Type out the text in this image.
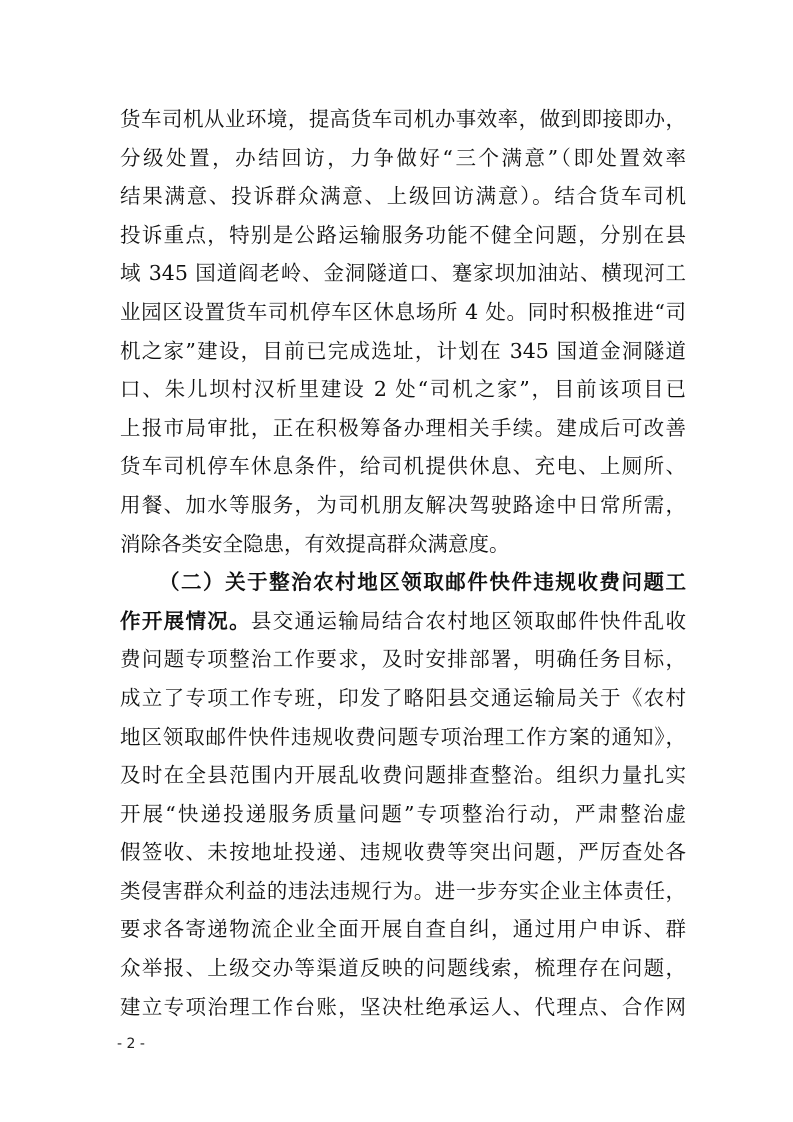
货车司机从业环境，提高货车司机办事效率，做到即接即办，
分级处置，办结回访，力争做好“三个满意”（即处置效率
结果满意、投诉群众满意、上级回访满意）。结合货车司机
投诉重点，特别是公路运输服务功能不健全问题，分别在县
域 345 国道阎老岭、金洞隧道口、蹇家坝加油站、横现河工
业园区设置货车司机停车区休息场所 4 处。同时积极推进“司
机之家”建设，目前已完成选址，计划在 345 国道金洞隧道
口、朱儿坝村汉析里建设 2 处“司机之家”，目前该项目已
上报市局审批，正在积极筹备办理相关手续。建成后可改善
货车司机停车休息条件，给司机提供休息、充电、上厕所、
用餐、加水等服务，为司机朋友解决驾驶路途中日常所需，
消除各类安全隐患，有效提高群众满意度。
（二）关于整治农村地区领取邮件快件违规收费问题工
作开展情况。县交通运输局结合农村地区领取邮件快件乱收
费问题专项整治工作要求，及时安排部署，明确任务目标，
成立了专项工作专班，印发了略阳县交通运输局关于《农村
地区领取邮件快件违规收费问题专项治理工作方案的通知》，
及时在全县范围内开展乱收费问题排查整治。组织力量扎实
开展“快递投递服务质量问题”专项整治行动，严肃整治虚
假签收、未按地址投递、违规收费等突出问题，严厉查处各
类侵害群众利益的违法违规行为。进一步夯实企业主体责任，
要求各寄递物流企业全面开展自查自纠，通过用户申诉、群
众举报、上级交办等渠道反映的问题线索，梳理存在问题，
建立专项治理工作台账，坚决杜绝承运人、代理点、合作网
- 2 -
